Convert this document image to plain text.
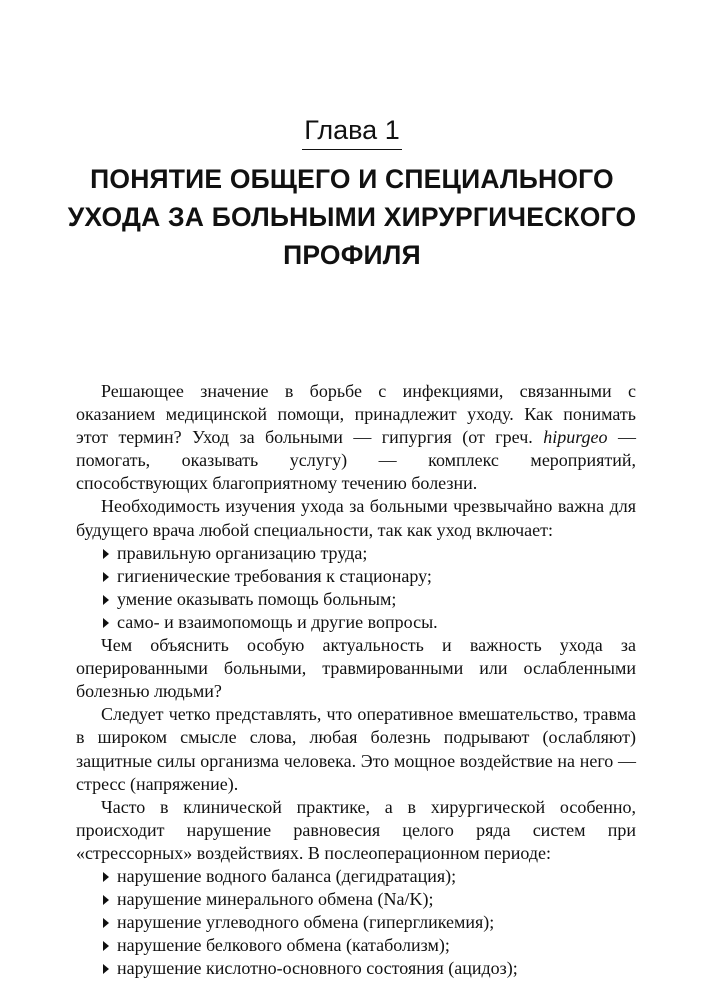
Глава 1
ПОНЯТИЕ ОБЩЕГО И СПЕЦИАЛЬНОГО УХОДА ЗА БОЛЬНЫМИ ХИРУРГИЧЕСКОГО ПРОФИЛЯ

Решающее значение в борьбе с инфекциями, связанными с оказанием медицинской помощи, принадлежит уходу. Как понимать этот термин? Уход за больными — гипургия (от греч. hipurgeo — помогать, оказывать услугу) — комплекс мероприятий, способствующих благоприятному течению болезни.

Необходимость изучения ухода за больными чрезвычайно важна для будущего врача любой специальности, так как уход включает:

правильную организацию труда;
гигиенические требования к стационару;
умение оказывать помощь больным;
само- и взаимопомощь и другие вопросы.

Чем объяснить особую актуальность и важность ухода за оперированными больными, травмированными или ослабленными болезнью людьми?

Следует четко представлять, что оперативное вмешательство, травма в широком смысле слова, любая болезнь подрывают (ослабляют) защитные силы организма человека. Это мощное воздействие на него — стресс (напряжение).

Часто в клинической практике, а в хирургической особенно, происходит нарушение равновесия целого ряда систем при «стрессорных» воздействиях. В послеоперационном периоде:

нарушение водного баланса (дегидратация);
нарушение минерального обмена (Na/K);
нарушение углеводного обмена (гипергликемия);
нарушение белкового обмена (катаболизм);
нарушение кислотно-основного состояния (ацидоз);
